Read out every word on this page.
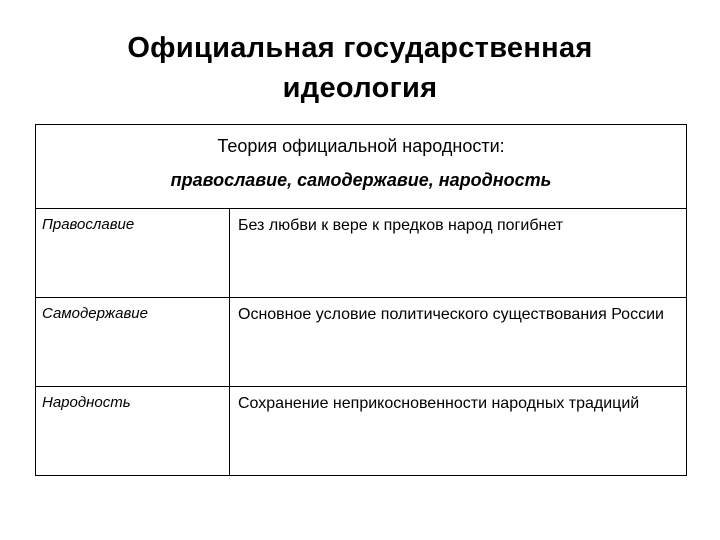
Официальная государственная
идеология
Теория официальной народности:
православие, самодержавие, народность	

Православие	Без любви к вере к предков народ погибнет

Самодержавие	Основное условие политического существования России

Народность	Сохранение неприкосновенности народных традиций
